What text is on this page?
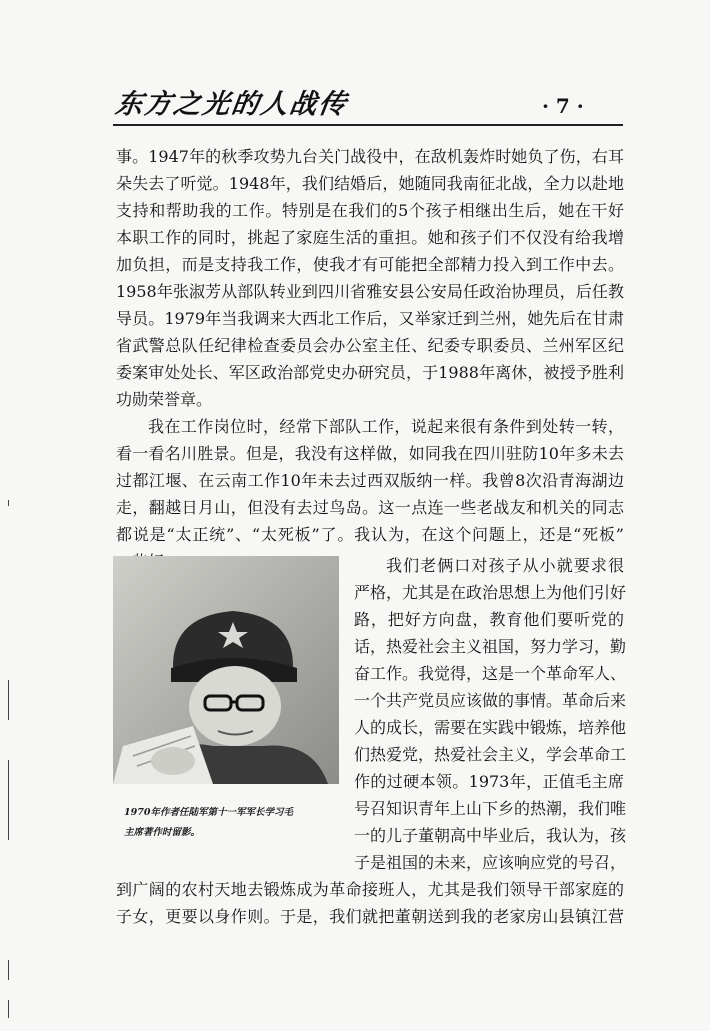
东方之光的人战传	· 7 ·
事。1947年的秋季攻势九台关门战役中，在敌机轰炸时她负了伤，右耳
朵失去了听觉。1948年，我们结婚后，她随同我南征北战，全力以赴地
支持和帮助我的工作。特别是在我们的5个孩子相继出生后，她在干好
本职工作的同时，挑起了家庭生活的重担。她和孩子们不仅没有给我增
加负担，而是支持我工作，使我才有可能把全部精力投入到工作中去。
1958年张淑芳从部队转业到四川省雅安县公安局任政治协理员，后任教
导员。1979年当我调来大西北工作后，又举家迁到兰州，她先后在甘肃
省武警总队任纪律检查委员会办公室主任、纪委专职委员、兰州军区纪
委案审处处长、军区政治部党史办研究员，于1988年离休，被授予胜利
功勋荣誉章。
我在工作岗位时，经常下部队工作，说起来很有条件到处转一转，
看一看名川胜景。但是，我没有这样做，如同我在四川驻防10年多未去
过都江堰、在云南工作10年未去过西双版纳一样。我曾8次沿青海湖边
走，翻越日月山，但没有去过鸟岛。这一点连一些老战友和机关的同志
都说是“太正统”、“太死板”了。我认为，在这个问题上，还是“死板”
1970年作者任陆军第十一军军长学习毛
主席著作时留影。
我们老俩口对孩子从小就要求很
严格，尤其是在政治思想上为他们引好
路，把好方向盘，教育他们要听党的
话，热爱社会主义祖国，努力学习，勤
奋工作。我觉得，这是一个革命军人、
一个共产党员应该做的事情。革命后来
人的成长，需要在实践中锻炼，培养他
们热爱党，热爱社会主义，学会革命工
作的过硬本领。1973年，正值毛主席
号召知识青年上山下乡的热潮，我们唯
一的儿子董朝高中毕业后，我认为，孩
子是祖国的未来，应该响应党的号召，
到广阔的农村天地去锻炼成为革命接班人，尤其是我们领导干部家庭的
子女，更要以身作则。于是，我们就把董朝送到我的老家房山县镇江营
